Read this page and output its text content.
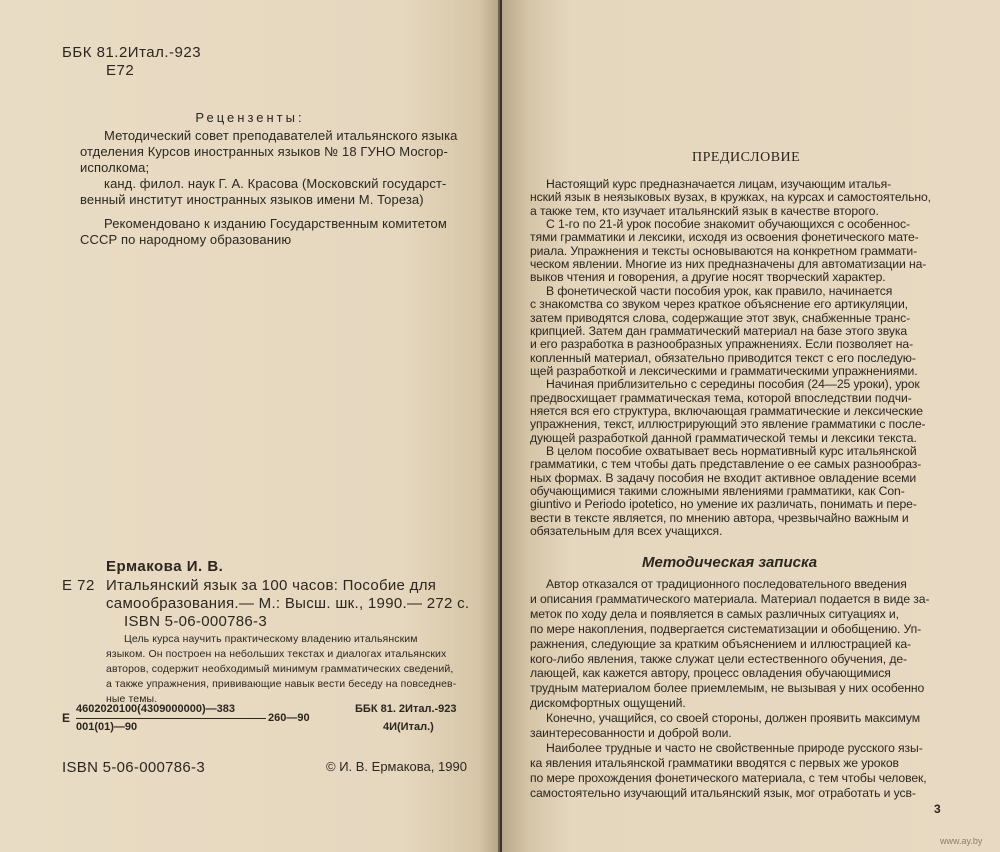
ББК 81.2Итал.-923
Е72
Рецензенты:
Методический совет преподавателей итальянского языка
отделения Курсов иностранных языков № 18 ГУНО Мосгор-
исполкома;
канд. филол. наук Г. А. Красова (Московский государст-
венный институт иностранных языков имени М. Тореза)
Рекомендовано к изданию Государственным комитетом
СССР по народному образованию
Ермакова И. В.
Е 72 Итальянский язык за 100 часов: Пособие для
самообразования.— М.: Высш. шк., 1990.— 272 с.
ISBN 5-06-000786-3
Цель курса научить практическому владению итальянским
языком. Он построен на небольших текстах и диалогах итальянских
авторов, содержит необходимый минимум грамматических сведений,
а также упражнения, прививающие навык вести беседу на повседнев-
ные темы.
Е
4602020100(4309000000)—383
001(01)—90
260—90
ББК 81. 2Итал.-923
4И(Итал.)
ISBN 5-06-000786-3	© И. В. Ермакова, 1990
ПРЕДИСЛОВИЕ
Настоящий курс предназначается лицам, изучающим италья-
нский язык в неязыковых вузах, в кружках, на курсах и самостоятельно,
а также тем, кто изучает итальянский язык в качестве второго.
С 1-го по 21-й урок пособие знакомит обучающихся с особеннос-
тями грамматики и лексики, исходя из освоения фонетического мате-
риала. Упражнения и тексты основываются на конкретном граммати-
ческом явлении. Многие из них предназначены для автоматизации на-
выков чтения и говорения, а другие носят творческий характер.
В фонетической части пособия урок, как правило, начинается
с знакомства со звуком через краткое объяснение его артикуляции,
затем приводятся слова, содержащие этот звук, снабженные транс-
крипцией. Затем дан грамматический материал на базе этого звука
и его разработка в разнообразных упражнениях. Если позволяет на-
копленный материал, обязательно приводится текст с его последую-
щей разработкой и лексическими и грамматическими упражнениями.
Начиная приблизительно с середины пособия (24—25 уроки), урок
предвосхищает грамматическая тема, которой впоследствии подчи-
няется вся его структура, включающая грамматические и лексические
упражнения, текст, иллюстрирующий это явление грамматики с после-
дующей разработкой данной грамматической темы и лексики текста.
В целом пособие охватывает весь нормативный курс итальянской
грамматики, с тем чтобы дать представление о ее самых разнообраз-
ных формах. В задачу пособия не входит активное овладение всеми
обучающимися такими сложными явлениями грамматики, как Con-
giuntivo и Periodo ipotetico, но умение их различать, понимать и пере-
вести в тексте является, по мнению автора, чрезвычайно важным и
обязательным для всех учащихся.
Методическая записка
Автор отказался от традиционного последовательного введения
и описания грамматического материала. Материал подается в виде за-
меток по ходу дела и появляется в самых различных ситуациях и,
по мере накопления, подвергается систематизации и обобщению. Уп-
ражнения, следующие за кратким объяснением и иллюстрацией ка-
кого-либо явления, также служат цели естественного обучения, де-
лающей, как кажется автору, процесс овладения обучающимися
трудным материалом более приемлемым, не вызывая у них особенно
дискомфортных ощущений.
Конечно, учащийся, со своей стороны, должен проявить максимум
заинтересованности и доброй воли.
Наиболее трудные и часто не свойственные природе русского язы-
ка явления итальянской грамматики вводятся с первых же уроков
по мере прохождения фонетического материала, с тем чтобы человек,
самостоятельно изучающий итальянский язык, мог отработать и усв-
3
www.ay.by
